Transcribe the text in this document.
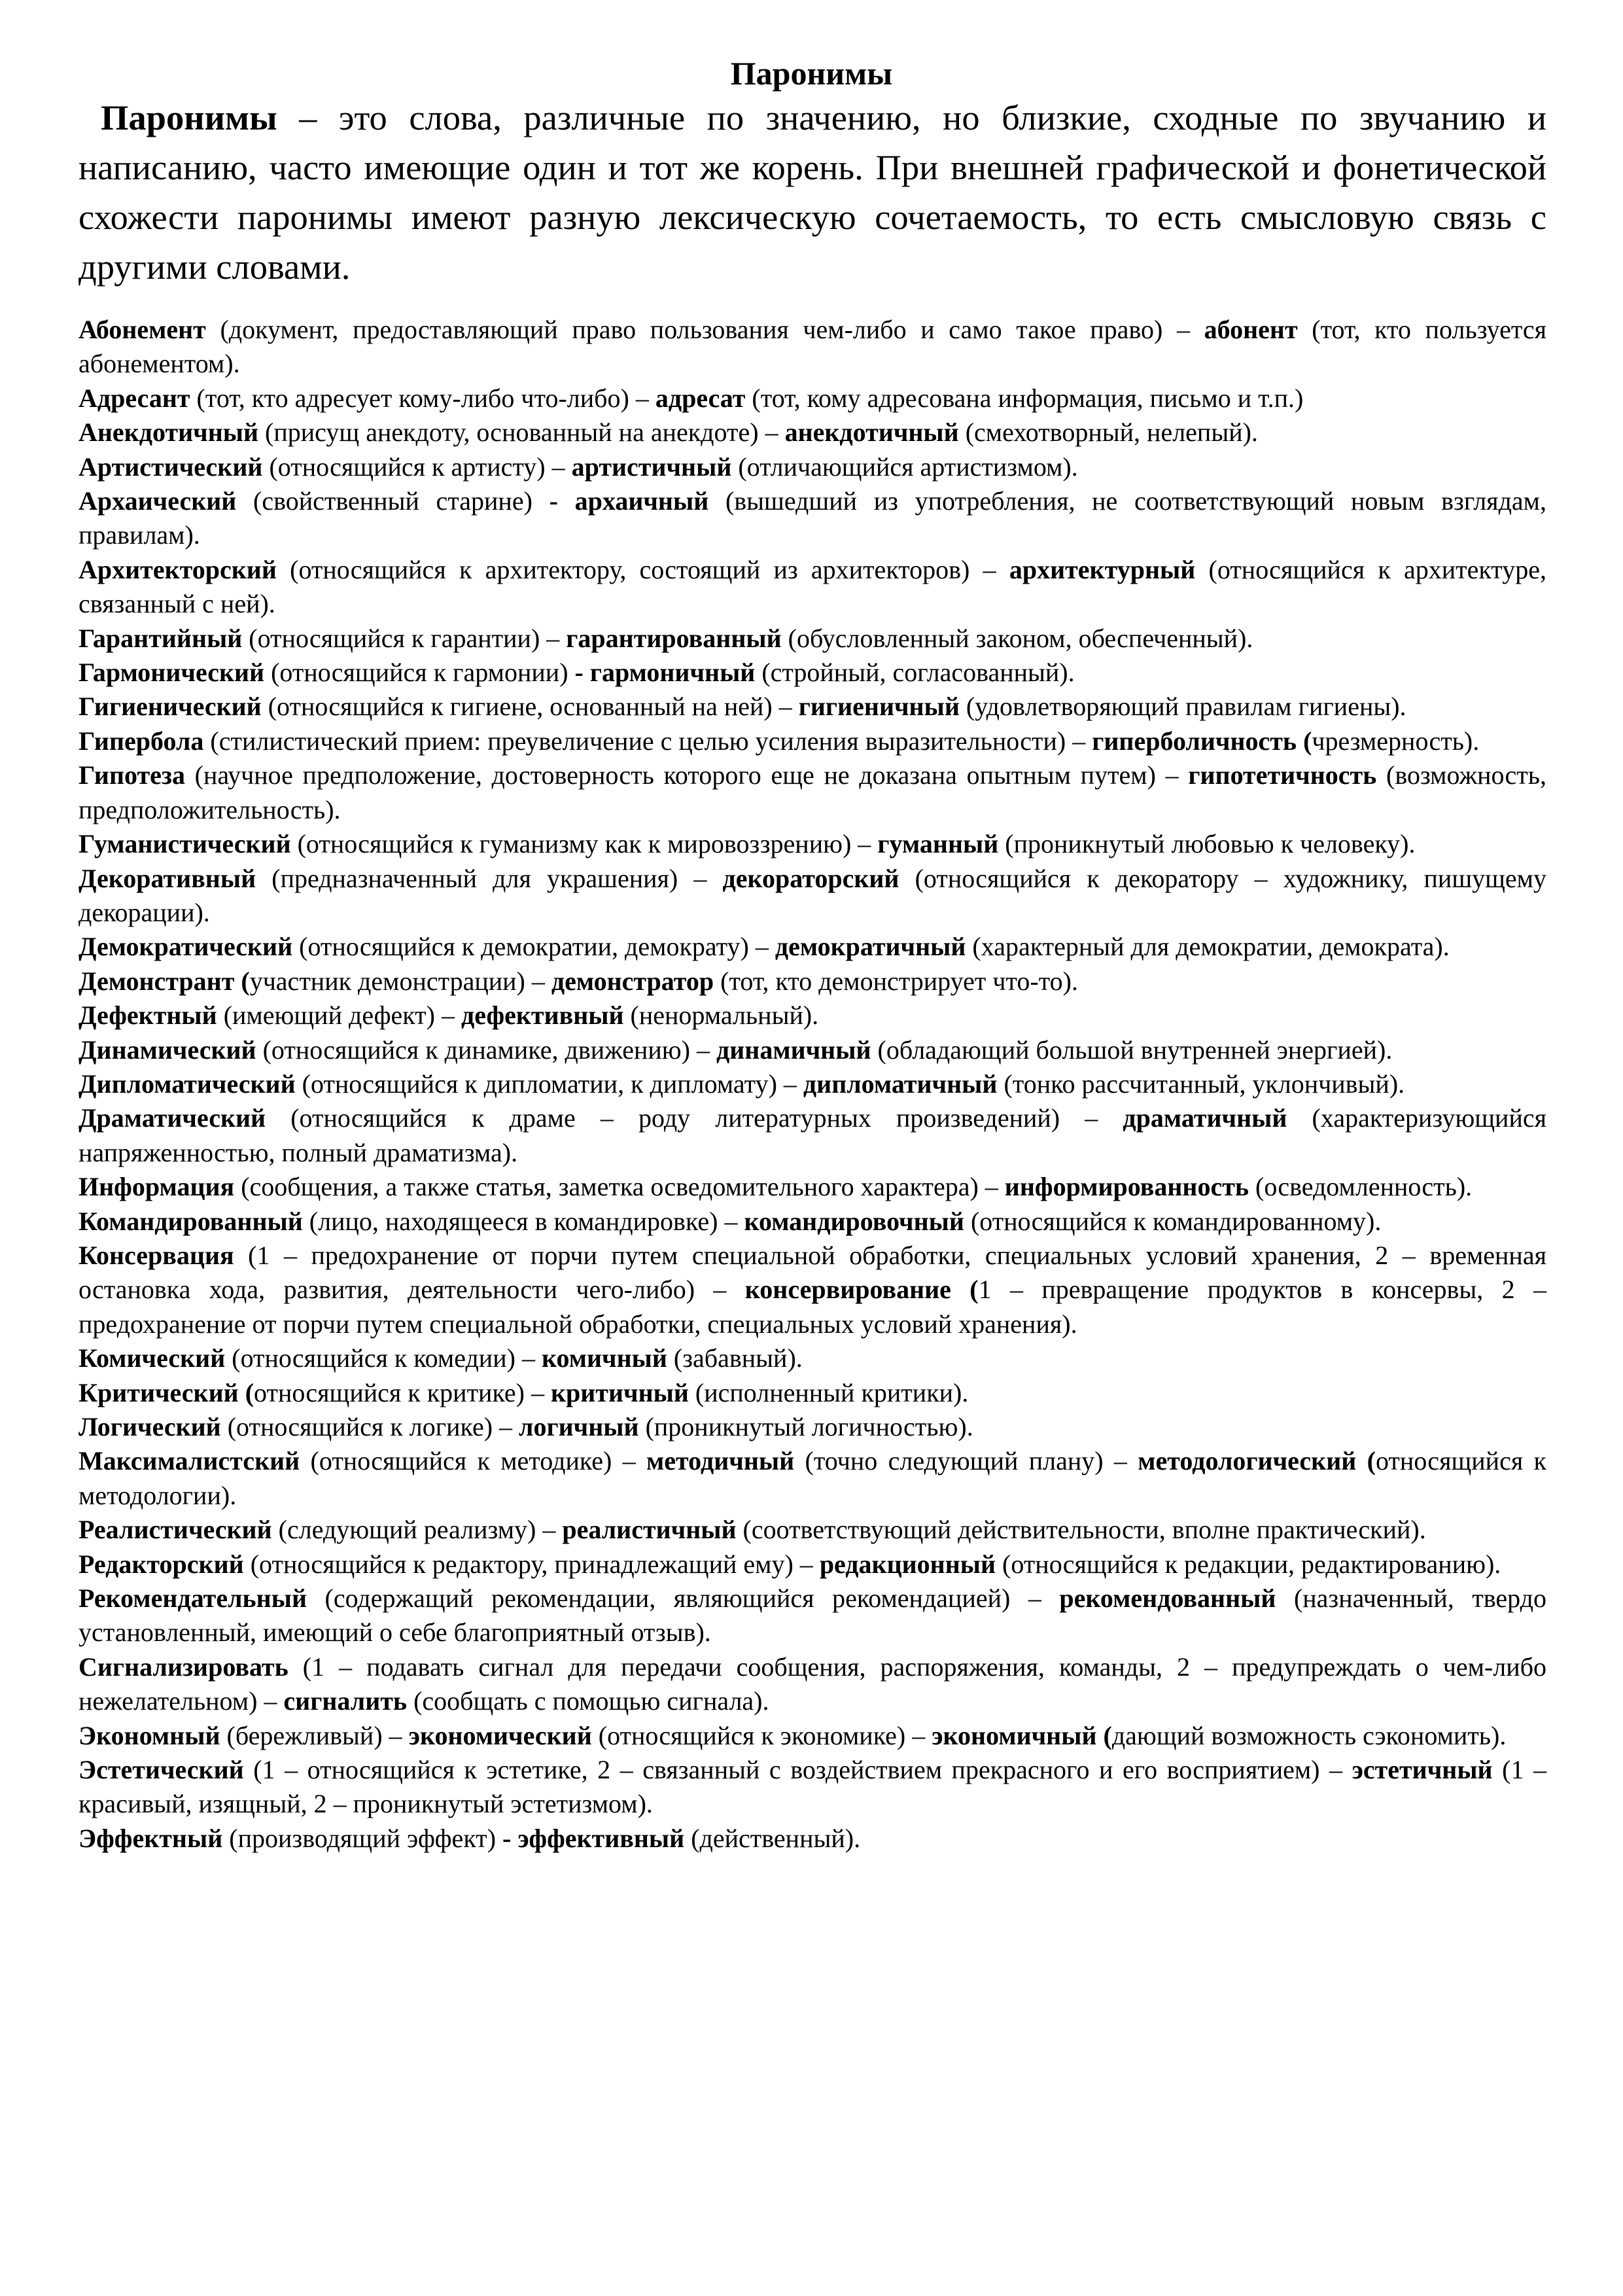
Паронимы

Паронимы – это слова, различные по значению, но близкие, сходные по звучанию и написанию, часто имеющие один и тот же корень. При внешней графической и фонетической схожести паронимы имеют разную лексическую сочетаемость, то есть смысловую связь с другими словами.

Абонемент (документ, предоставляющий право пользования чем-либо и само такое право) – абонент (тот, кто пользуется абонементом).
Адресант (тот, кто адресует кому-либо что-либо) – адресат (тот, кому адресована информация, письмо и т.п.)
Анекдотичный (присущ анекдоту, основанный на анекдоте) – анекдотичный (смехотворный, нелепый).
Артистический (относящийся к артисту) – артистичный (отличающийся артистизмом).
Архаический (свойственный старине) - архаичный (вышедший из употребления, не соответствующий новым взглядам, правилам).
Архитекторский (относящийся к архитектору, состоящий из архитекторов) – архитектурный (относящийся к архитектуре, связанный с ней).
Гарантийный (относящийся к гарантии) – гарантированный (обусловленный законом, обеспеченный).
Гармонический (относящийся к гармонии) - гармоничный (стройный, согласованный).
Гигиенический (относящийся к гигиене, основанный на ней) – гигиеничный (удовлетворяющий правилам гигиены).
Гипербола (стилистический прием: преувеличение с целью усиления выразительности) – гиперболичность (чрезмерность).
Гипотеза (научное предположение, достоверность которого еще не доказана опытным путем) – гипотетичность (возможность, предположительность).
Гуманистический (относящийся к гуманизму как к мировоззрению) – гуманный (проникнутый любовью к человеку).
Декоративный (предназначенный для украшения) – декораторский (относящийся к декоратору – художнику, пишущему декорации).
Демократический (относящийся к демократии, демократу) – демократичный (характерный для демократии, демократа).
Демонстрант (участник демонстрации) – демонстратор (тот, кто демонстрирует что-то).
Дефектный (имеющий дефект) – дефективный (ненормальный).
Динамический (относящийся к динамике, движению) – динамичный (обладающий большой внутренней энергией).
Дипломатический (относящийся к дипломатии, к дипломату) – дипломатичный (тонко рассчитанный, уклончивый).
Драматический (относящийся к драме – роду литературных произведений) – драматичный (характеризующийся напряженностью, полный драматизма).
Информация (сообщения, а также статья, заметка осведомительного характера) – информированность (осведомленность).
Командированный (лицо, находящееся в командировке) – командировочный (относящийся к командированному).
Консервация (1 – предохранение от порчи путем специальной обработки, специальных условий хранения, 2 – временная остановка хода, развития, деятельности чего-либо) – консервирование (1 – превращение продуктов в консервы, 2 – предохранение от порчи путем специальной обработки, специальных условий хранения).
Комический (относящийся к комедии) – комичный (забавный).
Критический (относящийся к критике) – критичный (исполненный критики).
Логический (относящийся к логике) – логичный (проникнутый логичностью).
Максималистский (относящийся к методике) – методичный (точно следующий плану) – методологический (относящийся к методологии).
Реалистический (следующий реализму) – реалистичный (соответствующий действительности, вполне практический).
Редакторский (относящийся к редактору, принадлежащий ему) – редакционный (относящийся к редакции, редактированию).
Рекомендательный (содержащий рекомендации, являющийся рекомендацией) – рекомендованный (назначенный, твердо установленный, имеющий о себе благоприятный отзыв).
Сигнализировать (1 – подавать сигнал для передачи сообщения, распоряжения, команды, 2 – предупреждать о чем-либо нежелательном) – сигналить (сообщать с помощью сигнала).
Экономный (бережливый) – экономический (относящийся к экономике) – экономичный (дающий возможность сэкономить).
Эстетический (1 – относящийся к эстетике, 2 – связанный с воздействием прекрасного и его восприятием) – эстетичный (1 – красивый, изящный, 2 – проникнутый эстетизмом).
Эффектный (производящий эффект) - эффективный (действенный).
